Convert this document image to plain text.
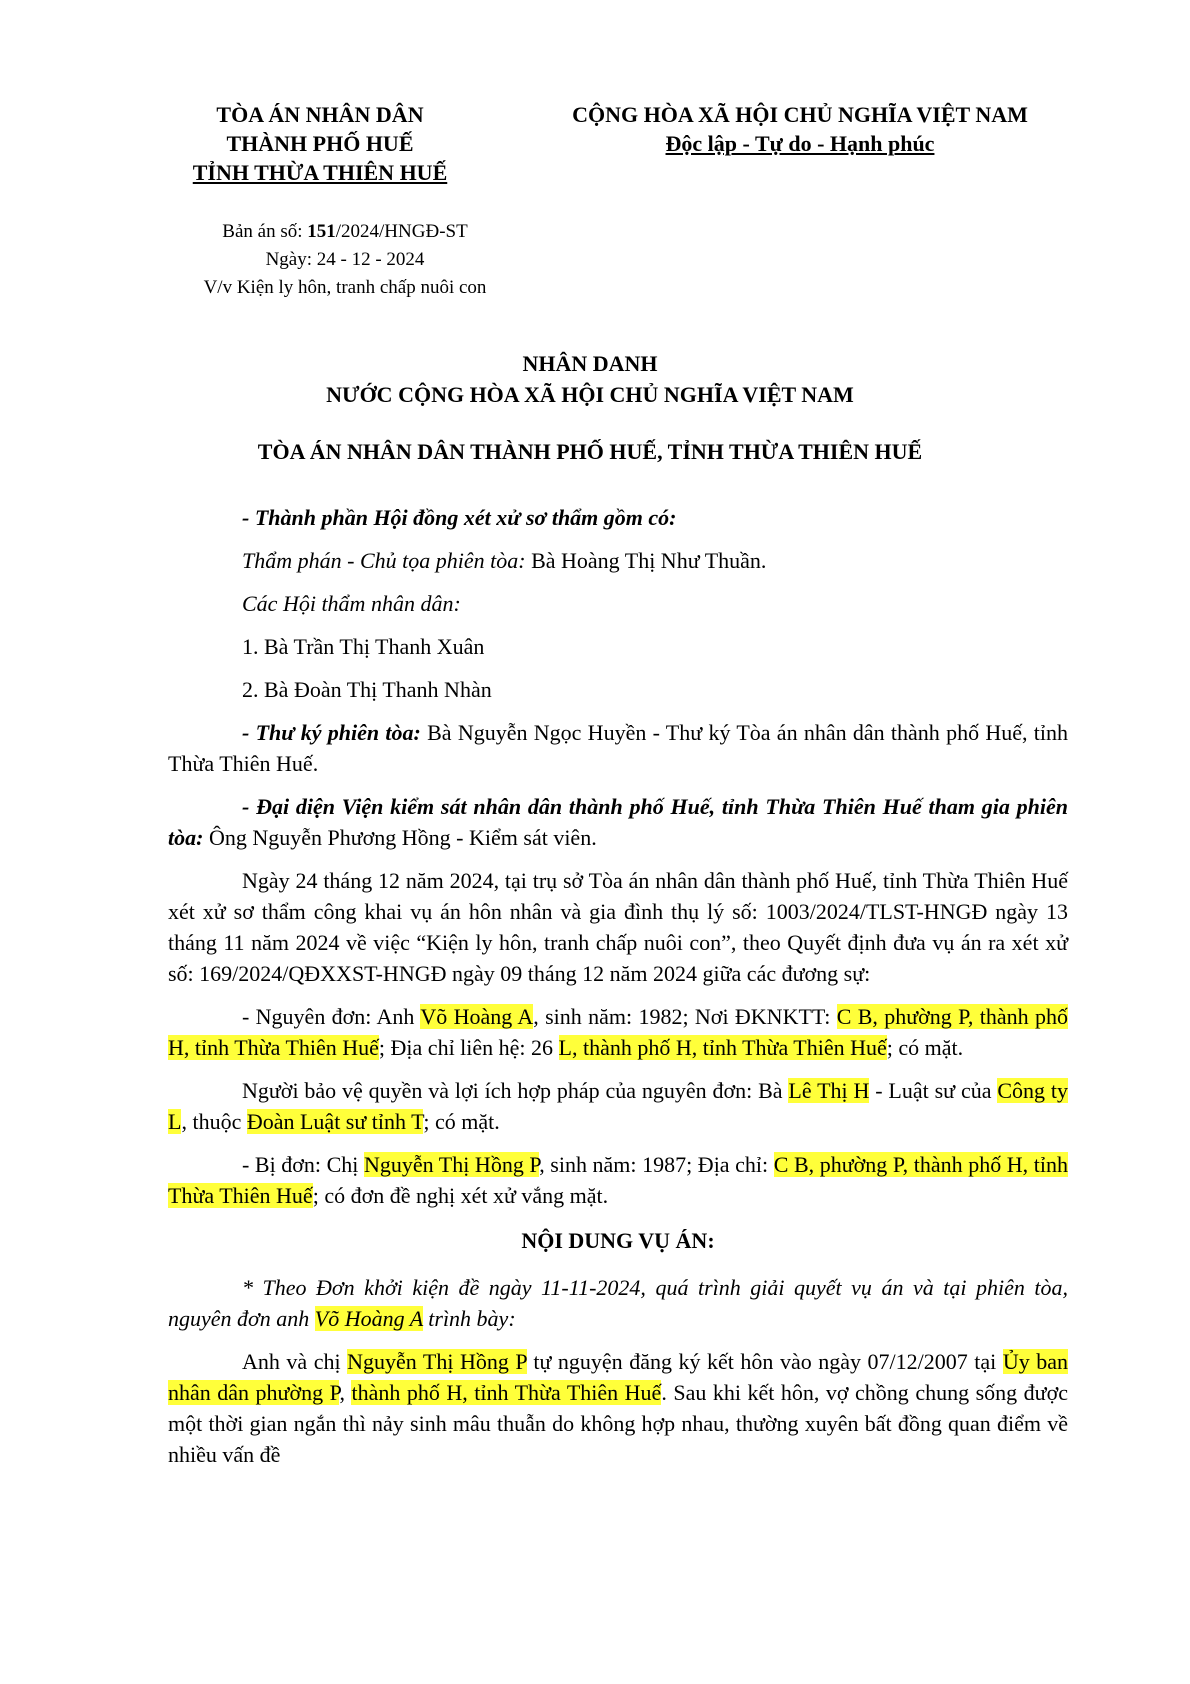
TÒA ÁN NHÂN DÂN
THÀNH PHỐ HUẾ
TỈNH THỪA THIÊN HUẾ
CỘNG HÒA XÃ HỘI CHỦ NGHĨA VIỆT NAM
Độc lập - Tự do - Hạnh phúc
Bản án số: 151/2024/HNGĐ-ST
Ngày: 24 - 12 - 2024
V/v Kiện ly hôn, tranh chấp nuôi con
NHÂN DANH
NƯỚC CỘNG HÒA XÃ HỘI CHỦ NGHĨA VIỆT NAM
TÒA ÁN NHÂN DÂN THÀNH PHỐ HUẾ, TỈNH THỪA THIÊN HUẾ

- Thành phần Hội đồng xét xử sơ thẩm gồm có:

Thẩm phán - Chủ tọa phiên tòa: Bà Hoàng Thị Như Thuần.

Các Hội thẩm nhân dân:

1. Bà Trần Thị Thanh Xuân

2. Bà Đoàn Thị Thanh Nhàn

- Thư ký phiên tòa: Bà Nguyễn Ngọc Huyền - Thư ký Tòa án nhân dân thành phố Huế, tỉnh Thừa Thiên Huế.

- Đại diện Viện kiểm sát nhân dân thành phố Huế, tỉnh Thừa Thiên Huế tham gia phiên tòa: Ông Nguyễn Phương Hồng - Kiểm sát viên.

Ngày 24 tháng 12 năm 2024, tại trụ sở Tòa án nhân dân thành phố Huế, tỉnh Thừa Thiên Huế xét xử sơ thẩm công khai vụ án hôn nhân và gia đình thụ lý số: 1003/2024/TLST-HNGĐ ngày 13 tháng 11 năm 2024 về việc “Kiện ly hôn, tranh chấp nuôi con”, theo Quyết định đưa vụ án ra xét xử số: 169/2024/QĐXXST-HNGĐ ngày 09 tháng 12 năm 2024 giữa các đương sự:

- Nguyên đơn: Anh Võ Hoàng A, sinh năm: 1982; Nơi ĐKNKTT: C B, phường P, thành phố H, tỉnh Thừa Thiên Huế; Địa chỉ liên hệ: 26 L, thành phố H, tỉnh Thừa Thiên Huế; có mặt.

Người bảo vệ quyền và lợi ích hợp pháp của nguyên đơn: Bà Lê Thị H - Luật sư của Công ty L, thuộc Đoàn Luật sư tỉnh T; có mặt.

- Bị đơn: Chị Nguyễn Thị Hồng P, sinh năm: 1987; Địa chỉ: C B, phường P, thành phố H, tỉnh Thừa Thiên Huế; có đơn đề nghị xét xử vắng mặt.

NỘI DUNG VỤ ÁN:

* Theo Đơn khởi kiện đề ngày 11-11-2024, quá trình giải quyết vụ án và tại phiên tòa, nguyên đơn anh Võ Hoàng A trình bày:

Anh và chị Nguyễn Thị Hồng P tự nguyện đăng ký kết hôn vào ngày 07/12/2007 tại Ủy ban nhân dân phường P, thành phố H, tỉnh Thừa Thiên Huế. Sau khi kết hôn, vợ chồng chung sống được một thời gian ngắn thì nảy sinh mâu thuẫn do không hợp nhau, thường xuyên bất đồng quan điểm về nhiều vấn đề
